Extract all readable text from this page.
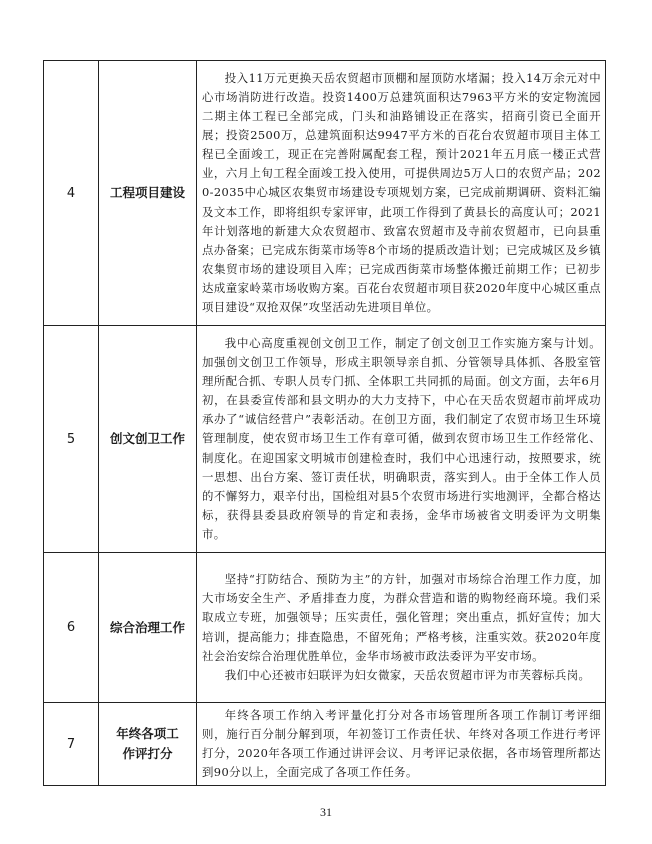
4	工程项目建设	投入11万元更换天岳农贸超市顶棚和屋顶防水堵漏；投入14万余元对中心市场消防进行改造。投资1400万总建筑面积达7963平方米的安定物流园二期主体工程已全部完成，门头和油路铺设正在落实，招商引资已全面开展；投资2500万，总建筑面积达9947平方米的百花台农贸超市项目主体工程已全面竣工，现正在完善附属配套工程，预计2021年五月底一楼正式营业，六月上旬工程全面竣工投入使用，可提供周边5万人口的农贸产品；2020-2035中心城区农集贸市场建设专项规划方案，已完成前期调研、资料汇编及文本工作，即将组织专家评审，此项工作得到了黄县长的高度认可；2021年计划落地的新建大众农贸超市、致富农贸超市及寺前农贸超市，已向县重点办备案；已完成东街菜市场等8个市场的提质改造计划；已完成城区及乡镇农集贸市场的建设项目入库；已完成西街菜市场整体搬迁前期工作；已初步达成童家岭菜市场收购方案。百花台农贸超市项目获2020年度中心城区重点项目建设“双抢双保”攻坚活动先进项目单位。

5	创文创卫工作	我中心高度重视创文创卫工作，制定了创文创卫工作实施方案与计划。加强创文创卫工作领导，形成主职领导亲自抓、分管领导具体抓、各股室管理所配合抓、专职人员专门抓、全体职工共同抓的局面。创文方面，去年6月初，在县委宣传部和县文明办的大力支持下，中心在天岳农贸超市前坪成功承办了“诚信经营户”表彰活动。在创卫方面，我们制定了农贸市场卫生环境管理制度，使农贸市场卫生工作有章可循，做到农贸市场卫生工作经常化、制度化。在迎国家文明城市创建检查时，我们中心迅速行动，按照要求，统一思想、出台方案、签订责任状，明确职责，落实到人。由于全体工作人员的不懈努力，艰辛付出，国检组对县5个农贸市场进行实地测评，全都合格达标，获得县委县政府领导的肯定和表扬，金华市场被省文明委评为文明集市。

6	综合治理工作	坚持“打防结合、预防为主”的方针，加强对市场综合治理工作力度，加大市场安全生产、矛盾排查力度，为群众营造和谐的购物经商环境。我们采取成立专班，加强领导；压实责任，强化管理；突出重点，抓好宣传；加大培训，提高能力；排查隐患，不留死角；严格考核，注重实效。获2020年度社会治安综合治理优胜单位，金华市场被市政法委评为平安市场。

我们中心还被市妇联评为妇女微家，天岳农贸超市评为市芙蓉标兵岗。

7	年终各项工作评打分	年终各项工作纳入考评量化打分对各市场管理所各项工作制订考评细则，施行百分制分解到项，年初签订工作责任状、年终对各项工作进行考评打分，2020年各项工作通过讲评会议、月考评记录依据，各市场管理所都达到90分以上，全面完成了各项工作任务。

31
